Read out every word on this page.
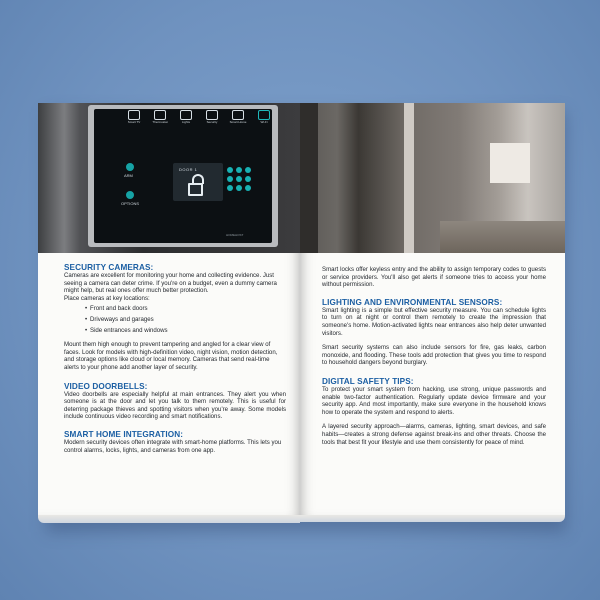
Smart TV	Thermostat	Lights	Security	Smart Home	Wi-Fi
ARM
OPTIONS
DOOR 1
HOMEHOST
SECURITY CAMERAS:

Cameras are excellent for monitoring your home and collecting evidence. Just seeing a camera can deter crime. If you're on a budget, even a dummy camera might help, but real ones offer much better protection.

Place cameras at key locations:

• Front and back doors
• Driveways and garages
• Side entrances and windows

Mount them high enough to prevent tampering and angled for a clear view of faces. Look for models with high-definition video, night vision, motion detection, and storage options like cloud or local memory. Cameras that send real-time alerts to your phone add another layer of security.

VIDEO DOORBELLS:

Video doorbells are especially helpful at main entrances. They alert you when someone is at the door and let you talk to them remotely. This is useful for deterring package thieves and spotting visitors when you're away. Some models include continuous video recording and smart notifications.

SMART HOME INTEGRATION:

Modern security devices often integrate with smart-home platforms. This lets you control alarms, locks, lights, and cameras from one app.

Smart locks offer keyless entry and the ability to assign temporary codes to guests or service providers. You'll also get alerts if someone tries to access your home without permission.

LIGHTING AND ENVIRONMENTAL SENSORS:

Smart lighting is a simple but effective security measure. You can schedule lights to turn on at night or control them remotely to create the impression that someone's home. Motion-activated lights near entrances also help deter unwanted visitors.

Smart security systems can also include sensors for fire, gas leaks, carbon monoxide, and flooding. These tools add protection that gives you time to respond to household dangers beyond burglary.

DIGITAL SAFETY TIPS:

To protect your smart system from hacking, use strong, unique passwords and enable two-factor authentication. Regularly update device firmware and your security app. And most importantly, make sure everyone in the household knows how to operate the system and respond to alerts.

A layered security approach—alarms, cameras, lighting, smart devices, and safe habits—creates a strong defense against break-ins and other threats. Choose the tools that best fit your lifestyle and use them consistently for peace of mind.
